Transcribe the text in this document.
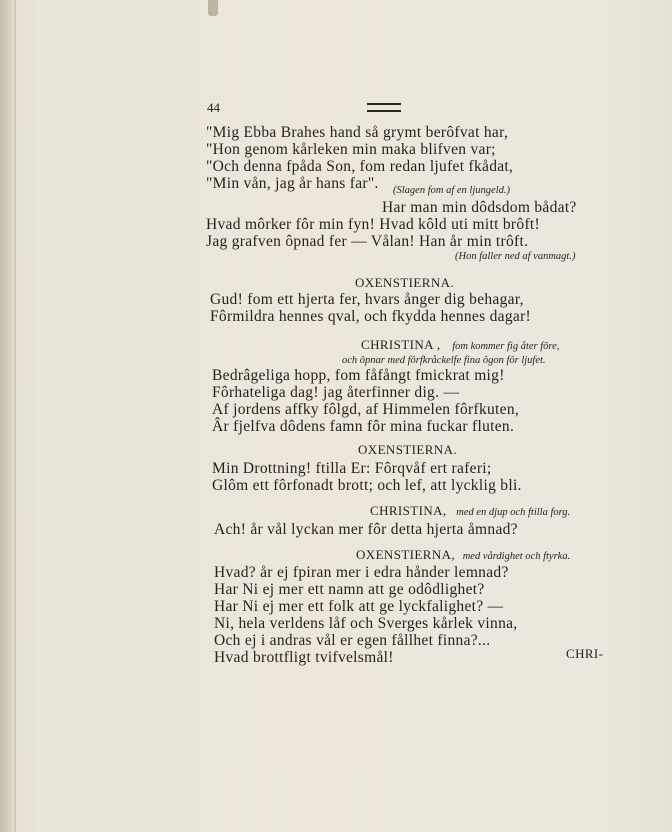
44
"Mig Ebba Brahes hand så grymt berôfvat har,
"Hon genom kårleken min maka blifven var;
"Och denna fpåda Son, fom redan ljufet fkådat,
"Min vån, jag år hans far". (Slagen fom af en ljungeld.)
Har man min dôdsdom bådat?
Hvad môrker fôr min fyn! Hvad kôld uti mitt brôft!
Jag grafven ôpnad fer — Vålan! Han år min trôft.
(Hon faller ned af vanmagt.)
OXENSTIERNA.
Gud! fom ett hjerta fer, hvars ånger dig behagar,
Fôrmildra hennes qval, och fkydda hennes dagar!
CHRISTINA , fom kommer fig åter fôre,
och ôpnar med fôrfkråckelfe fina ôgon fôr ljufet.
Bedrâgeliga hopp, fom fåfångt fmickrat mig!
Fôrhateliga dag! jag återfinner dig. —
Af jordens affky fôlgd, af Himmelen fôrfkuten,
Âr fjelfva dôdens famn fôr mina fuckar fluten.
OXENSTIERNA.
Min Drottning! ftilla Er: Fôrqvåf ert raferi;
Glôm ett fôrfonadt brott; och lef, att lycklig bli.
CHRISTINA, med en djup och ftilla forg.
Ach! år vål lyckan mer fôr detta hjerta åmnad?
OXENSTIERNA, med vårdighet och ftyrka.
Hvad? år ej fpiran mer i edra hånder lemnad?
Har Ni ej mer ett namn att ge odôdlighet?
Har Ni ej mer ett folk att ge lyckfalighet? —
Ni, hela verldens låf och Sverges kårlek vinna,
Och ej i andras vål er egen fållhet finna?...
Hvad brottfligt tvifvelsmål!	CHRI-
